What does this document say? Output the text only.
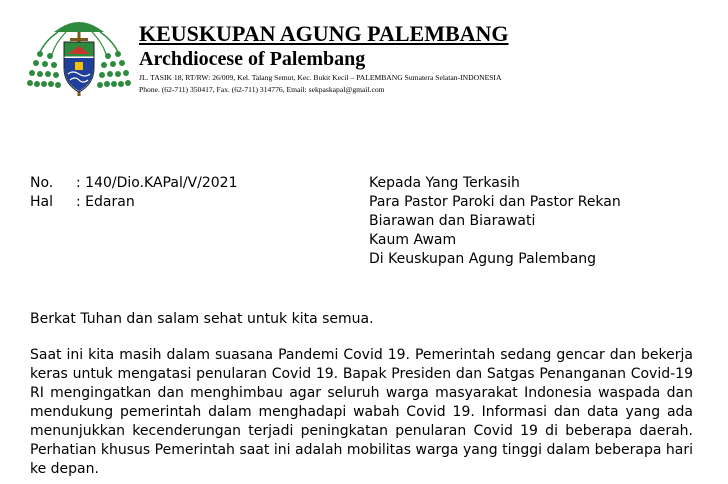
KEUSKUPAN AGUNG PALEMBANG
Archdiocese of Palembang
JL. TASIK 18, RT/RW: 26/009, Kel. Talang Semut, Kec. Bukit Kecil – PALEMBANG Sumatera Selatan-INDONESIA
Phone. (62-711) 350417, Fax. (62-711) 314776, Email: sekpaskapal@gmail.com
No. : 140/Dio.KAPal/V/2021
Hal : Edaran
Kepada Yang Terkasih
Para Pastor Paroki dan Pastor Rekan
Biarawan dan Biarawati
Kaum Awam
Di Keuskupan Agung Palembang
Berkat Tuhan dan salam sehat untuk kita semua.
Saat ini kita masih dalam suasana Pandemi Covid 19. Pemerintah sedang gencar dan bekerja keras untuk mengatasi penularan Covid 19. Bapak Presiden dan Satgas Penanganan Covid-19 RI mengingatkan dan menghimbau agar seluruh warga masyarakat Indonesia waspada dan mendukung pemerintah dalam menghadapi wabah Covid 19. Informasi dan data yang ada menunjukkan kecenderungan terjadi peningkatan penularan Covid 19 di beberapa daerah. Perhatian khusus Pemerintah saat ini adalah mobilitas warga yang tinggi dalam beberapa hari ke depan.
